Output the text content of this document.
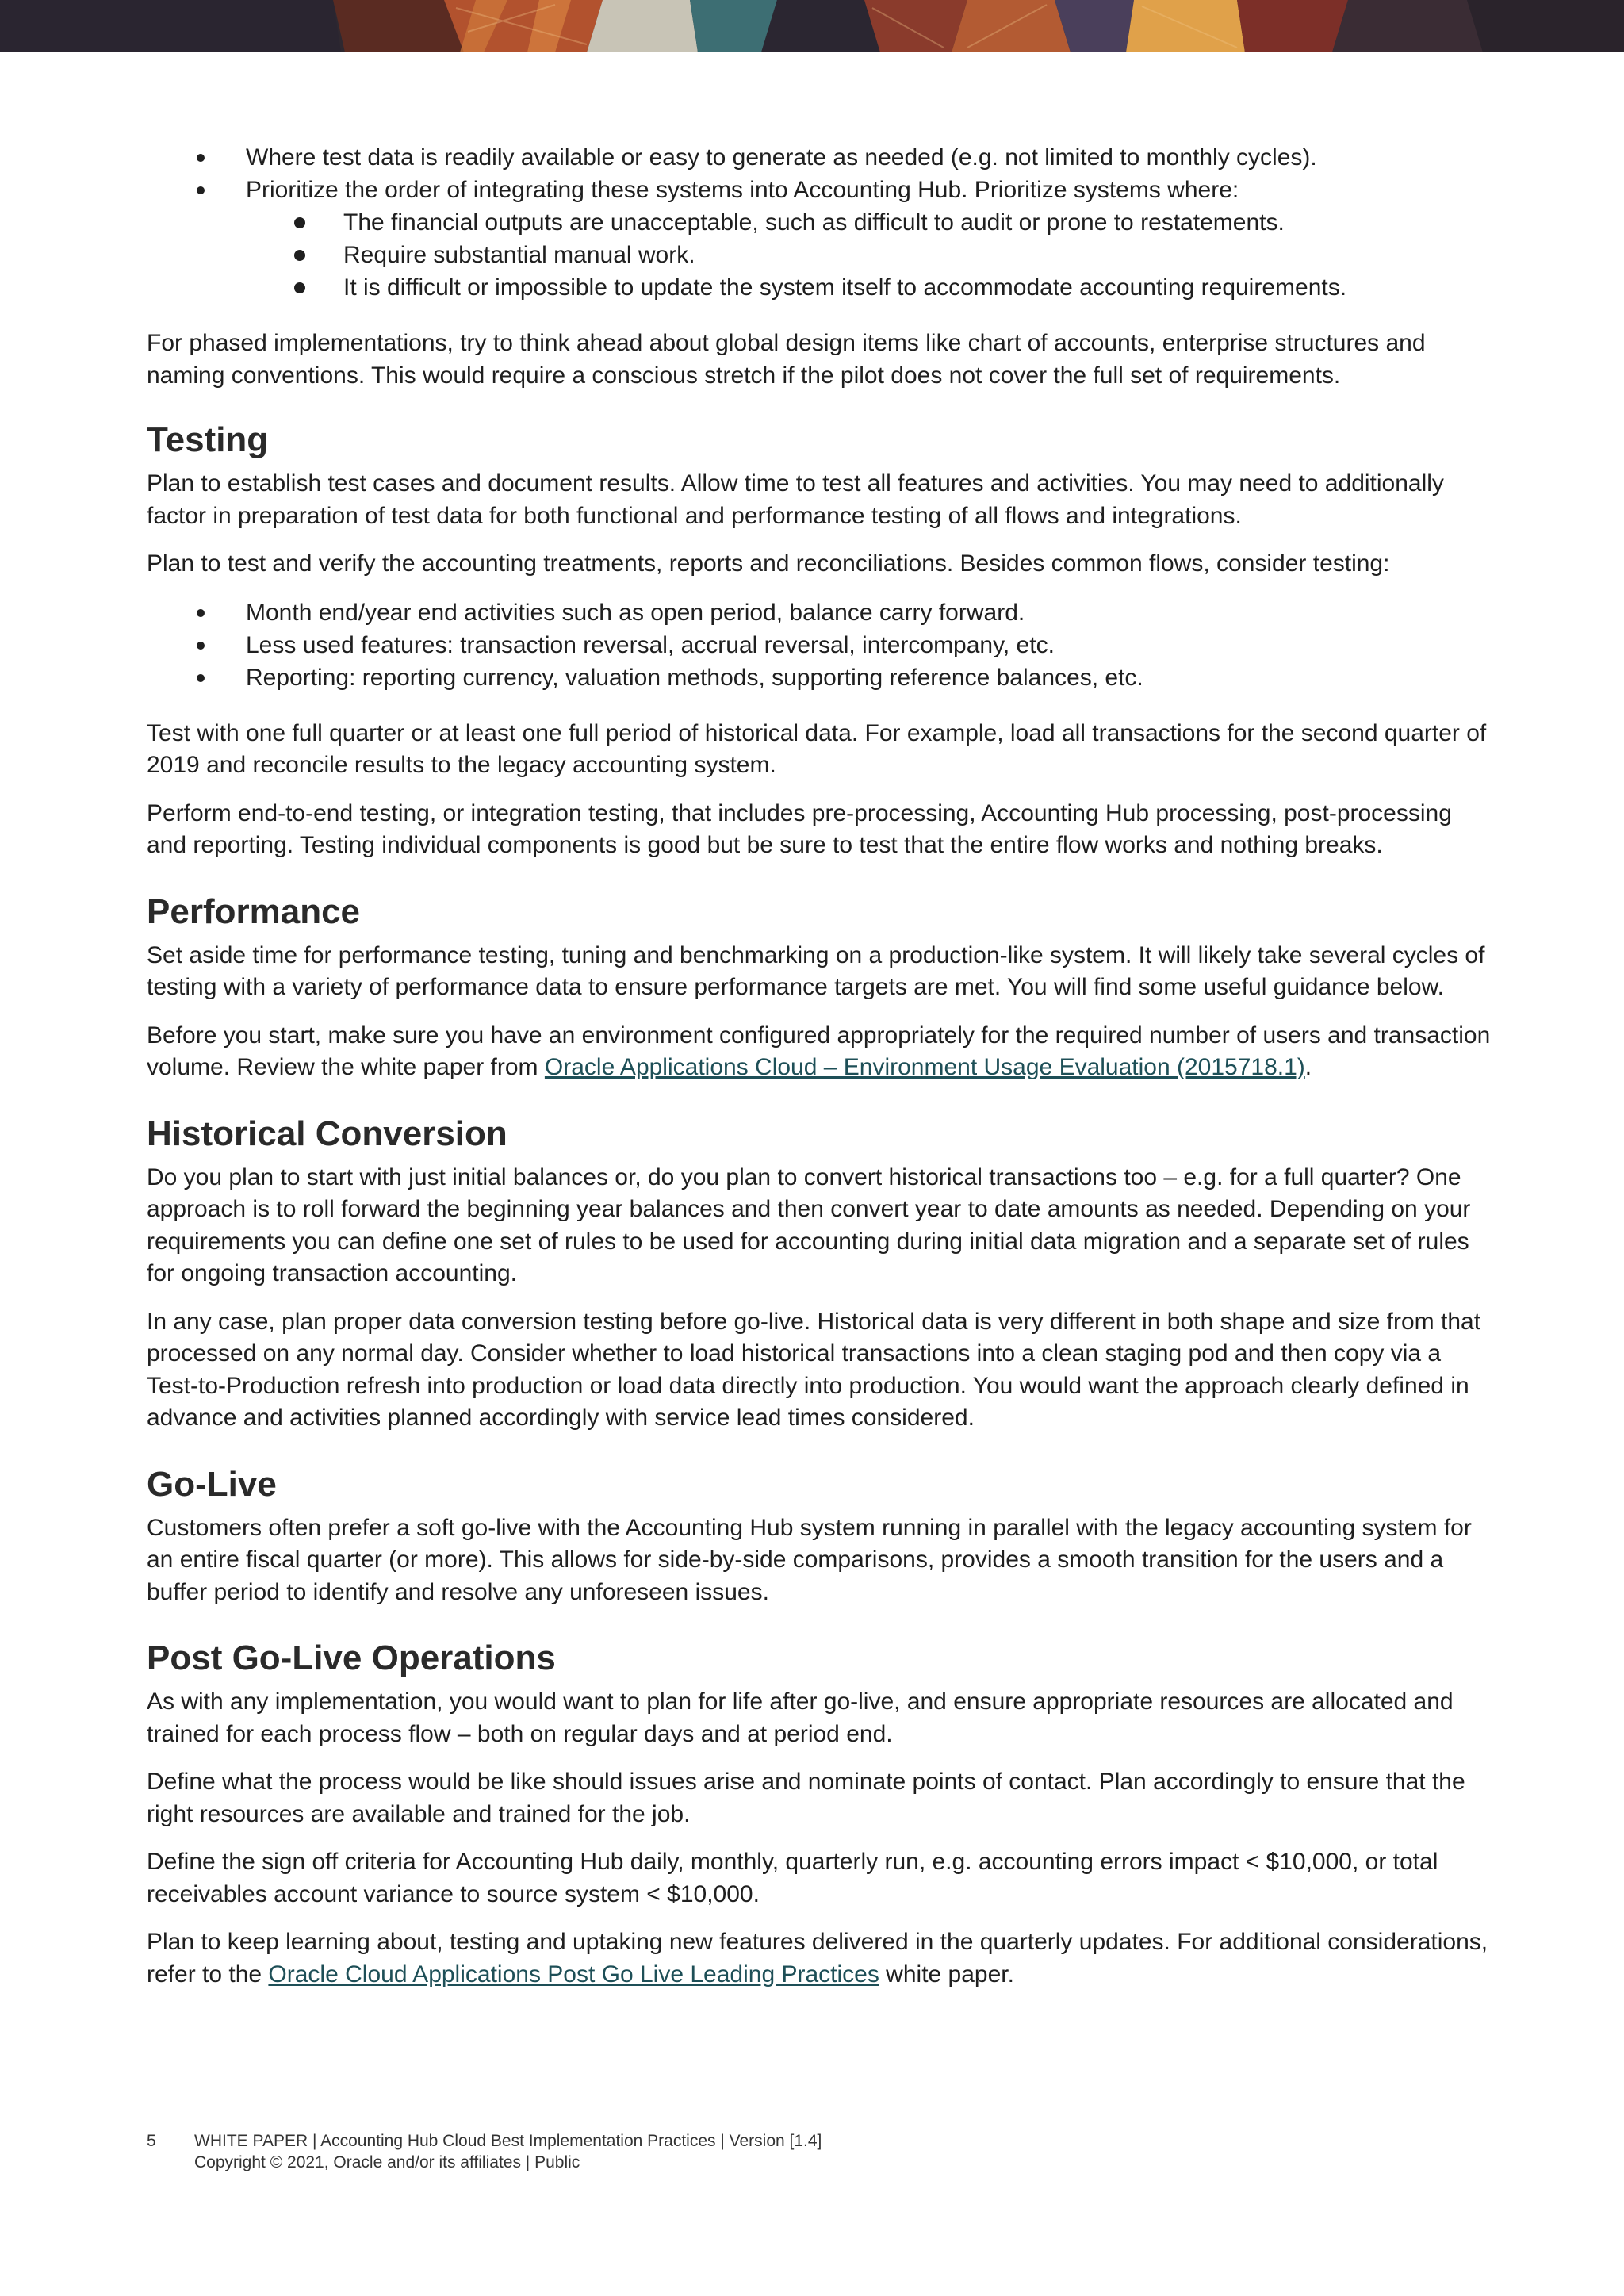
Where test data is readily available or easy to generate as needed (e.g. not limited to monthly cycles).
Prioritize the order of integrating these systems into Accounting Hub. Prioritize systems where:
The financial outputs are unacceptable, such as difficult to audit or prone to restatements.
Require substantial manual work.
It is difficult or impossible to update the system itself to accommodate accounting requirements.

For phased implementations, try to think ahead about global design items like chart of accounts, enterprise structures and naming conventions. This would require a conscious stretch if the pilot does not cover the full set of requirements.

Testing

Plan to establish test cases and document results. Allow time to test all features and activities. You may need to additionally factor in preparation of test data for both functional and performance testing of all flows and integrations.

Plan to test and verify the accounting treatments, reports and reconciliations. Besides common flows, consider testing:

Month end/year end activities such as open period, balance carry forward.
Less used features: transaction reversal, accrual reversal, intercompany, etc.
Reporting: reporting currency, valuation methods, supporting reference balances, etc.

Test with one full quarter or at least one full period of historical data. For example, load all transactions for the second quarter of 2019 and reconcile results to the legacy accounting system.

Perform end-to-end testing, or integration testing, that includes pre-processing, Accounting Hub processing, post-processing and reporting. Testing individual components is good but be sure to test that the entire flow works and nothing breaks.

Performance

Set aside time for performance testing, tuning and benchmarking on a production-like system. It will likely take several cycles of testing with a variety of performance data to ensure performance targets are met. You will find some useful guidance below.

Before you start, make sure you have an environment configured appropriately for the required number of users and transaction volume. Review the white paper from Oracle Applications Cloud – Environment Usage Evaluation (2015718.1).

Historical Conversion

Do you plan to start with just initial balances or, do you plan to convert historical transactions too – e.g. for a full quarter? One approach is to roll forward the beginning year balances and then convert year to date amounts as needed. Depending on your requirements you can define one set of rules to be used for accounting during initial data migration and a separate set of rules for ongoing transaction accounting.

In any case, plan proper data conversion testing before go-live. Historical data is very different in both shape and size from that processed on any normal day. Consider whether to load historical transactions into a clean staging pod and then copy via a Test-to-Production refresh into production or load data directly into production. You would want the approach clearly defined in advance and activities planned accordingly with service lead times considered.

Go-Live

Customers often prefer a soft go-live with the Accounting Hub system running in parallel with the legacy accounting system for an entire fiscal quarter (or more). This allows for side-by-side comparisons, provides a smooth transition for the users and a buffer period to identify and resolve any unforeseen issues.

Post Go-Live Operations

As with any implementation, you would want to plan for life after go-live, and ensure appropriate resources are allocated and trained for each process flow – both on regular days and at period end.

Define what the process would be like should issues arise and nominate points of contact. Plan accordingly to ensure that the right resources are available and trained for the job.

Define the sign off criteria for Accounting Hub daily, monthly, quarterly run, e.g. accounting errors impact < $10,000, or total receivables account variance to source system < $10,000.

Plan to keep learning about, testing and uptaking new features delivered in the quarterly updates. For additional considerations, refer to the Oracle Cloud Applications Post Go Live Leading Practices white paper.

5 WHITE PAPER | Accounting Hub Cloud Best Implementation Practices | Version [1.4]
Copyright © 2021, Oracle and/or its affiliates | Public
